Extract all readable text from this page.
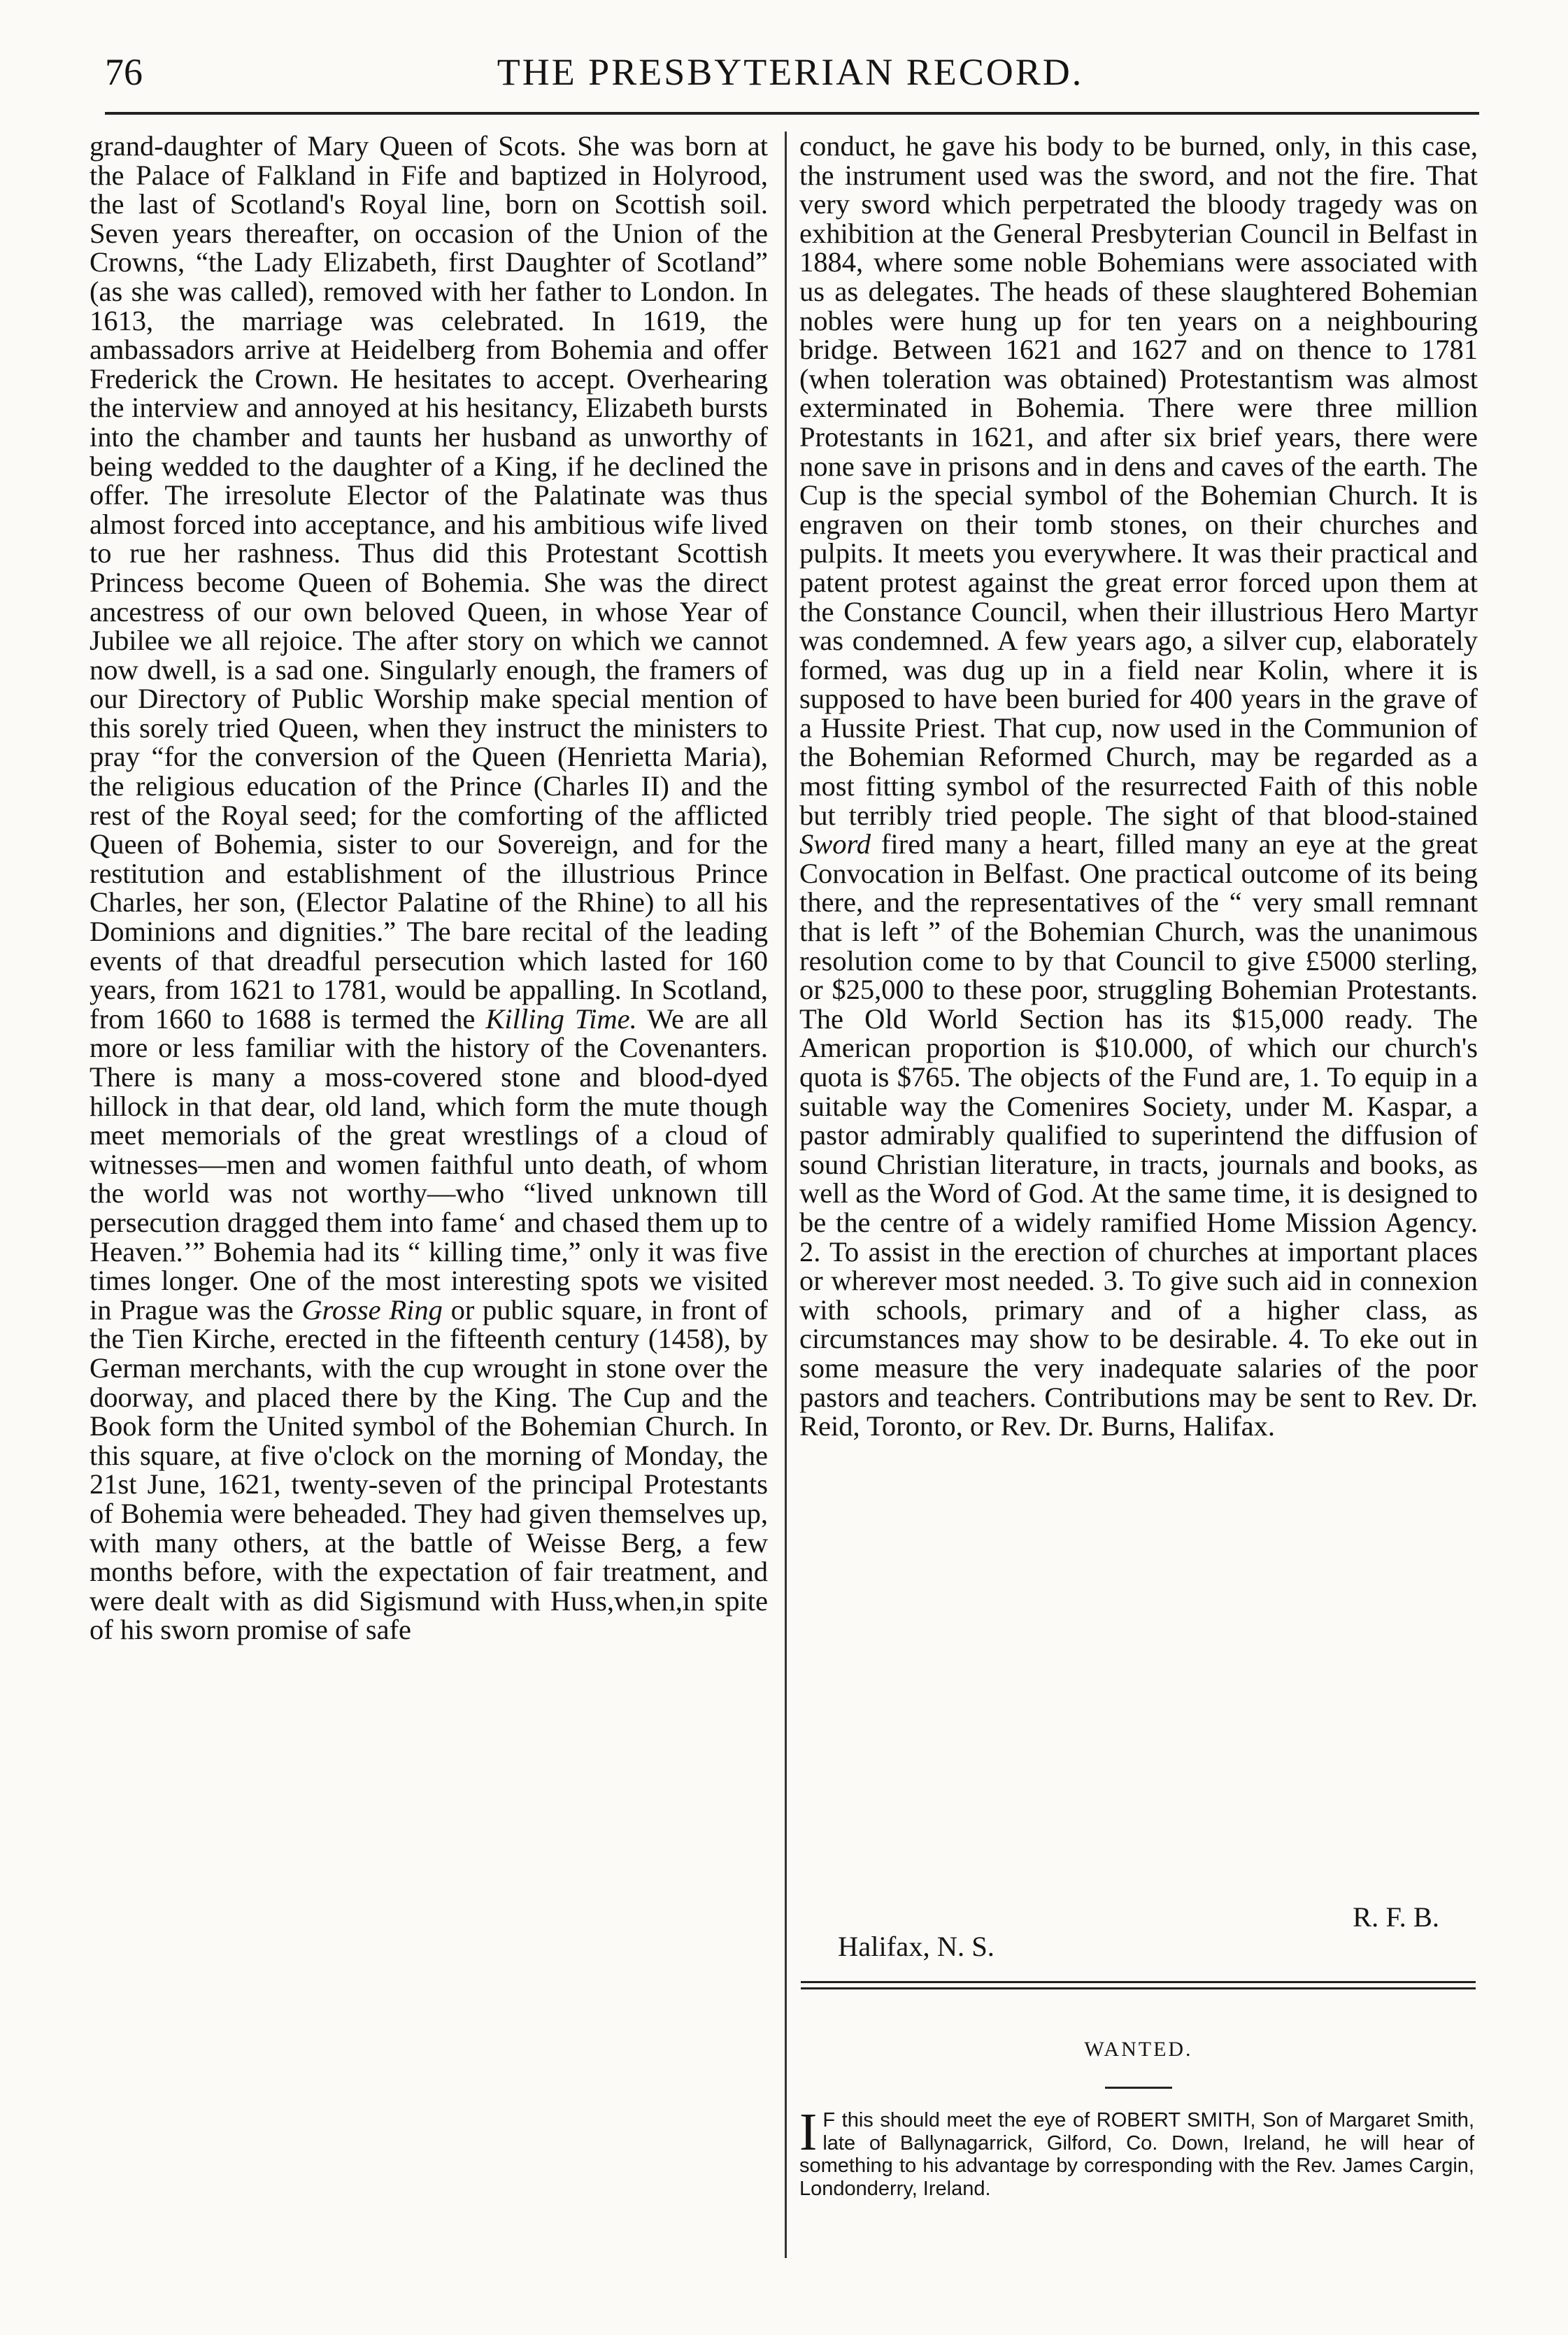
76	THE PRESBYTERIAN RECORD.
grand-daughter of Mary Queen of Scots. She was born at the Palace of Falkland in Fife and baptized in Holyrood, the last of Scotland's Royal line, born on Scottish soil. Seven years thereafter, on occasion of the Union of the Crowns, “the Lady Elizabeth, first Daughter of Scotland” (as she was called), removed with her father to London. In 1613, the marriage was celebrated. In 1619, the ambassadors arrive at Heidelberg from Bohemia and offer Frederick the Crown. He hesitates to accept. Overhearing the interview and annoyed at his hesitancy, Elizabeth bursts into the chamber and taunts her husband as unworthy of being wedded to the daughter of a King, if he declined the offer. The irresolute Elector of the Palatinate was thus almost forced into acceptance, and his ambitious wife lived to rue her rashness. Thus did this Protestant Scottish Princess become Queen of Bohemia. She was the direct ancestress of our own beloved Queen, in whose Year of Jubilee we all rejoice. The after story on which we cannot now dwell, is a sad one. Singularly enough, the framers of our Directory of Public Worship make special mention of this sorely tried Queen, when they instruct the ministers to pray “for the conversion of the Queen (Henrietta Maria), the religious education of the Prince (Charles II) and the rest of the Royal seed; for the comforting of the afflicted Queen of Bohemia, sister to our Sovereign, and for the restitution and establishment of the illustrious Prince Charles, her son, (Elector Palatine of the Rhine) to all his Dominions and dignities.” The bare recital of the leading events of that dreadful persecution which lasted for 160 years, from 1621 to 1781, would be appalling. In Scotland, from 1660 to 1688 is termed the Killing Time. We are all more or less familiar with the history of the Covenanters. There is many a moss-covered stone and blood-dyed hillock in that dear, old land, which form the mute though meet memorials of the great wrestlings of a cloud of witnesses—men and women faithful unto death, of whom the world was not worthy—who “lived unknown till persecution dragged them into fame‘ and chased them up to Heaven.’” Bohemia had its “ killing time,” only it was five times longer. One of the most interesting spots we visited in Prague was the Grosse Ring or public square, in front of the Tien Kirche, erected in the fifteenth century (1458), by German merchants, with the cup wrought in stone over the doorway, and placed there by the King. The Cup and the Book form the United symbol of the Bohemian Church. In this square, at five o'clock on the morning of Monday, the 21st June, 1621, twenty-seven of the principal Protestants of Bohemia were beheaded. They had given themselves up, with many others, at the battle of Weisse Berg, a few months before, with the expectation of fair treatment, and were dealt with as did Sigismund with Huss,when,in spite of his sworn promise of safe
conduct, he gave his body to be burned, only, in this case, the instrument used was the sword, and not the fire. That very sword which perpetrated the bloody tragedy was on exhibition at the General Presbyterian Council in Belfast in 1884, where some noble Bohemians were associated with us as delegates. The heads of these slaughtered Bohemian nobles were hung up for ten years on a neighbouring bridge. Between 1621 and 1627 and on thence to 1781 (when toleration was obtained) Protestantism was almost exterminated in Bohemia. There were three million Protestants in 1621, and after six brief years, there were none save in prisons and in dens and caves of the earth. The Cup is the special symbol of the Bohemian Church. It is engraven on their tomb stones, on their churches and pulpits. It meets you everywhere. It was their practical and patent protest against the great error forced upon them at the Constance Council, when their illustrious Hero Martyr was condemned. A few years ago, a silver cup, elaborately formed, was dug up in a field near Kolin, where it is supposed to have been buried for 400 years in the grave of a Hussite Priest. That cup, now used in the Communion of the Bohemian Reformed Church, may be regarded as a most fitting symbol of the resurrected Faith of this noble but terribly tried people. The sight of that blood-stained Sword fired many a heart, filled many an eye at the great Convocation in Belfast. One practical outcome of its being there, and the representatives of the “ very small remnant that is left ” of the Bohemian Church, was the unanimous resolution come to by that Council to give £5000 sterling, or $25,000 to these poor, struggling Bohemian Protestants. The Old World Section has its $15,000 ready. The American proportion is $10.000, of which our church's quota is $765. The objects of the Fund are, 1. To equip in a suitable way the Comenires Society, under M. Kaspar, a pastor admirably qualified to superintend the diffusion of sound Christian literature, in tracts, journals and books, as well as the Word of God. At the same time, it is designed to be the centre of a widely ramified Home Mission Agency. 2. To assist in the erection of churches at important places or wherever most needed. 3. To give such aid in connexion with schools, primary and of a higher class, as circumstances may show to be desirable. 4. To eke out in some measure the very inadequate salaries of the poor pastors and teachers. Contributions may be sent to Rev. Dr. Reid, Toronto, or Rev. Dr. Burns, Halifax.
R. F. B.
Halifax, N. S.
WANTED.
I F this should meet the eye of ROBERT SMITH, Son of Margaret Smith, late of Ballynagarrick, Gilford, Co. Down, Ireland, he will hear of something to his advantage by corresponding with the Rev. James Cargin, Londonderry, Ireland.
